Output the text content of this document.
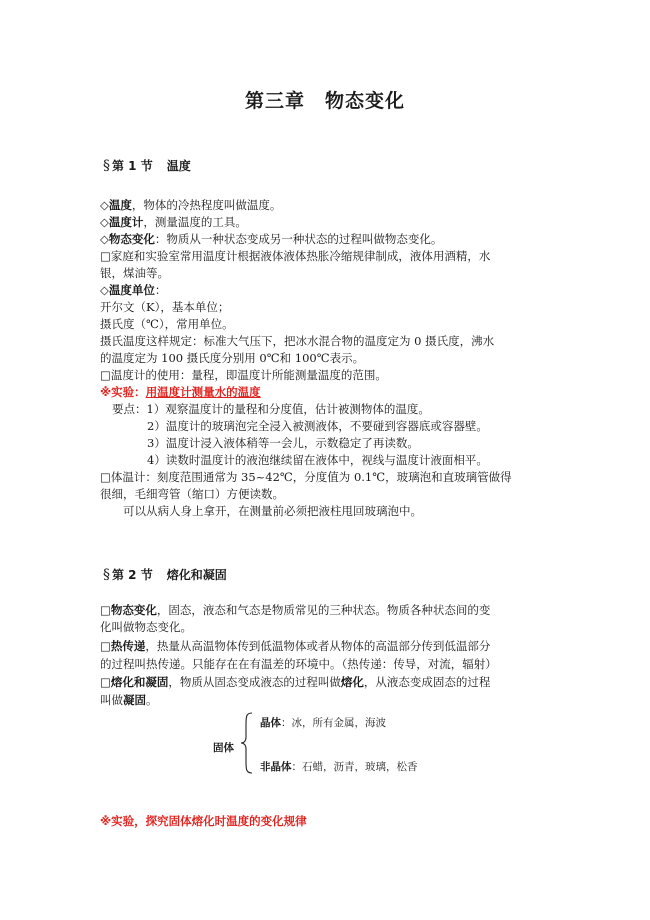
第三章 物态变化
§ 第 1 节 温度
◇温度，物体的冷热程度叫做温度。
◇温度计，测量温度的工具。
◇物态变化：物质从一种状态变成另一种状态的过程叫做物态变化。
□家庭和实验室常用温度计根据液体液体热胀冷缩规律制成，液体用酒精，水
银，煤油等。
◇温度单位：
开尔文（K），基本单位；
摄氏度（℃），常用单位。
摄氏温度这样规定：标准大气压下，把冰水混合物的温度定为 0 摄氏度，沸水
的温度定为 100 摄氏度分别用 0℃和 100℃表示。
□温度计的使用：量程，即温度计所能测量温度的范围。
※实验：用温度计测量水的温度
要点：1）观察温度计的量程和分度值，估计被测物体的温度。
2）温度计的玻璃泡完全浸入被测液体，不要碰到容器底或容器壁。
3）温度计浸入液体稍等一会儿，示数稳定了再读数。
4）读数时温度计的液泡继续留在液体中，视线与温度计液面相平。
□体温计：刻度范围通常为 35~42℃，分度值为 0.1℃，玻璃泡和直玻璃管做得
很细，毛细弯管（缩口）方便读数。
可以从病人身上拿开，在测量前必须把液柱甩回玻璃泡中。
§ 第 2 节 熔化和凝固
□物态变化，固态，液态和气态是物质常见的三种状态。物质各种状态间的变
化叫做物态变化。
□热传递，热量从高温物体传到低温物体或者从物体的高温部分传到低温部分
的过程叫热传递。只能存在在有温差的环境中。（热传递：传导，对流，辐射）
□熔化和凝固，物质从固态变成液态的过程叫做熔化，从液态变成固态的过程
叫做凝固。
固体
晶体：冰，所有金属，海波
非晶体：石蜡，沥青，玻璃，松香
※实验，探究固体熔化时温度的变化规律
